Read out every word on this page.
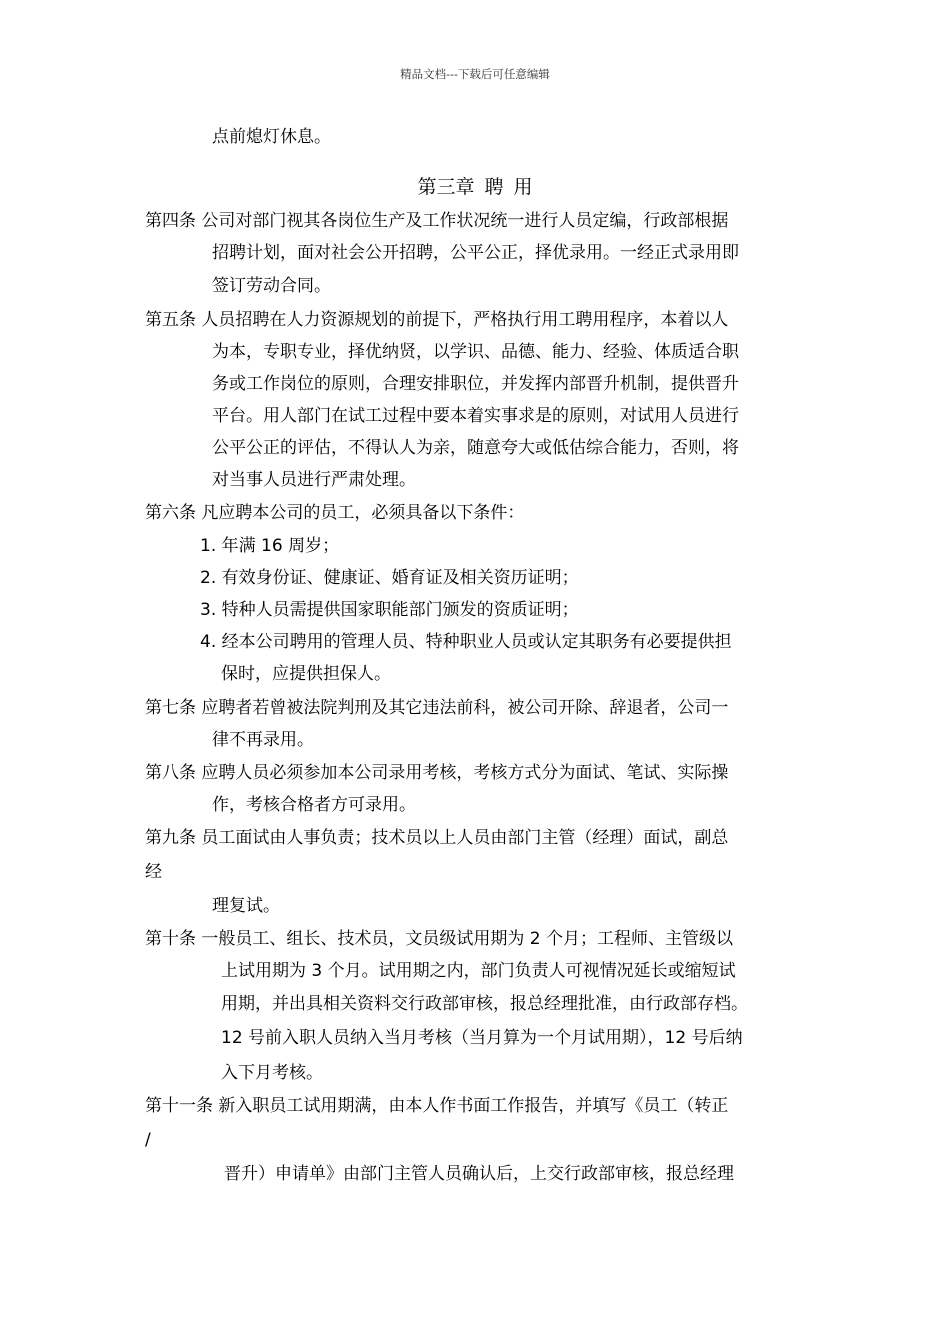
精品文档---下载后可任意编辑
点前熄灯休息。
第三章 聘 用
第四条 公司对部门视其各岗位生产及工作状况统一进行人员定编，行政部根据
招聘计划，面对社会公开招聘，公平公正，择优录用。一经正式录用即
签订劳动合同。
第五条 人员招聘在人力资源规划的前提下，严格执行用工聘用程序，本着以人
为本，专职专业，择优纳贤，以学识、品德、能力、经验、体质适合职
务或工作岗位的原则，合理安排职位，并发挥内部晋升机制，提供晋升
平台。用人部门在试工过程中要本着实事求是的原则，对试用人员进行
公平公正的评估，不得认人为亲，随意夸大或低估综合能力，否则，将
对当事人员进行严肃处理。
第六条 凡应聘本公司的员工，必须具备以下条件：
1. 年满 16 周岁；
2. 有效身份证、健康证、婚育证及相关资历证明；
3. 特种人员需提供国家职能部门颁发的资质证明；
4. 经本公司聘用的管理人员、特种职业人员或认定其职务有必要提供担
保时，应提供担保人。
第七条 应聘者若曾被法院判刑及其它违法前科，被公司开除、辞退者，公司一
律不再录用。
第八条 应聘人员必须参加本公司录用考核，考核方式分为面试、笔试、实际操
作，考核合格者方可录用。
第九条 员工面试由人事负责；技术员以上人员由部门主管（经理）面试，副总
经
理复试。
第十条 一般员工、组长、技术员，文员级试用期为 2 个月；工程师、主管级以
上试用期为 3 个月。试用期之内，部门负责人可视情况延长或缩短试
用期，并出具相关资料交行政部审核，报总经理批准，由行政部存档。
12 号前入职人员纳入当月考核（当月算为一个月试用期），12 号后纳
入下月考核。
第十一条 新入职员工试用期满，由本人作书面工作报告，并填写《员工（转正
/
晋升）申请单》由部门主管人员确认后，上交行政部审核，报总经理
